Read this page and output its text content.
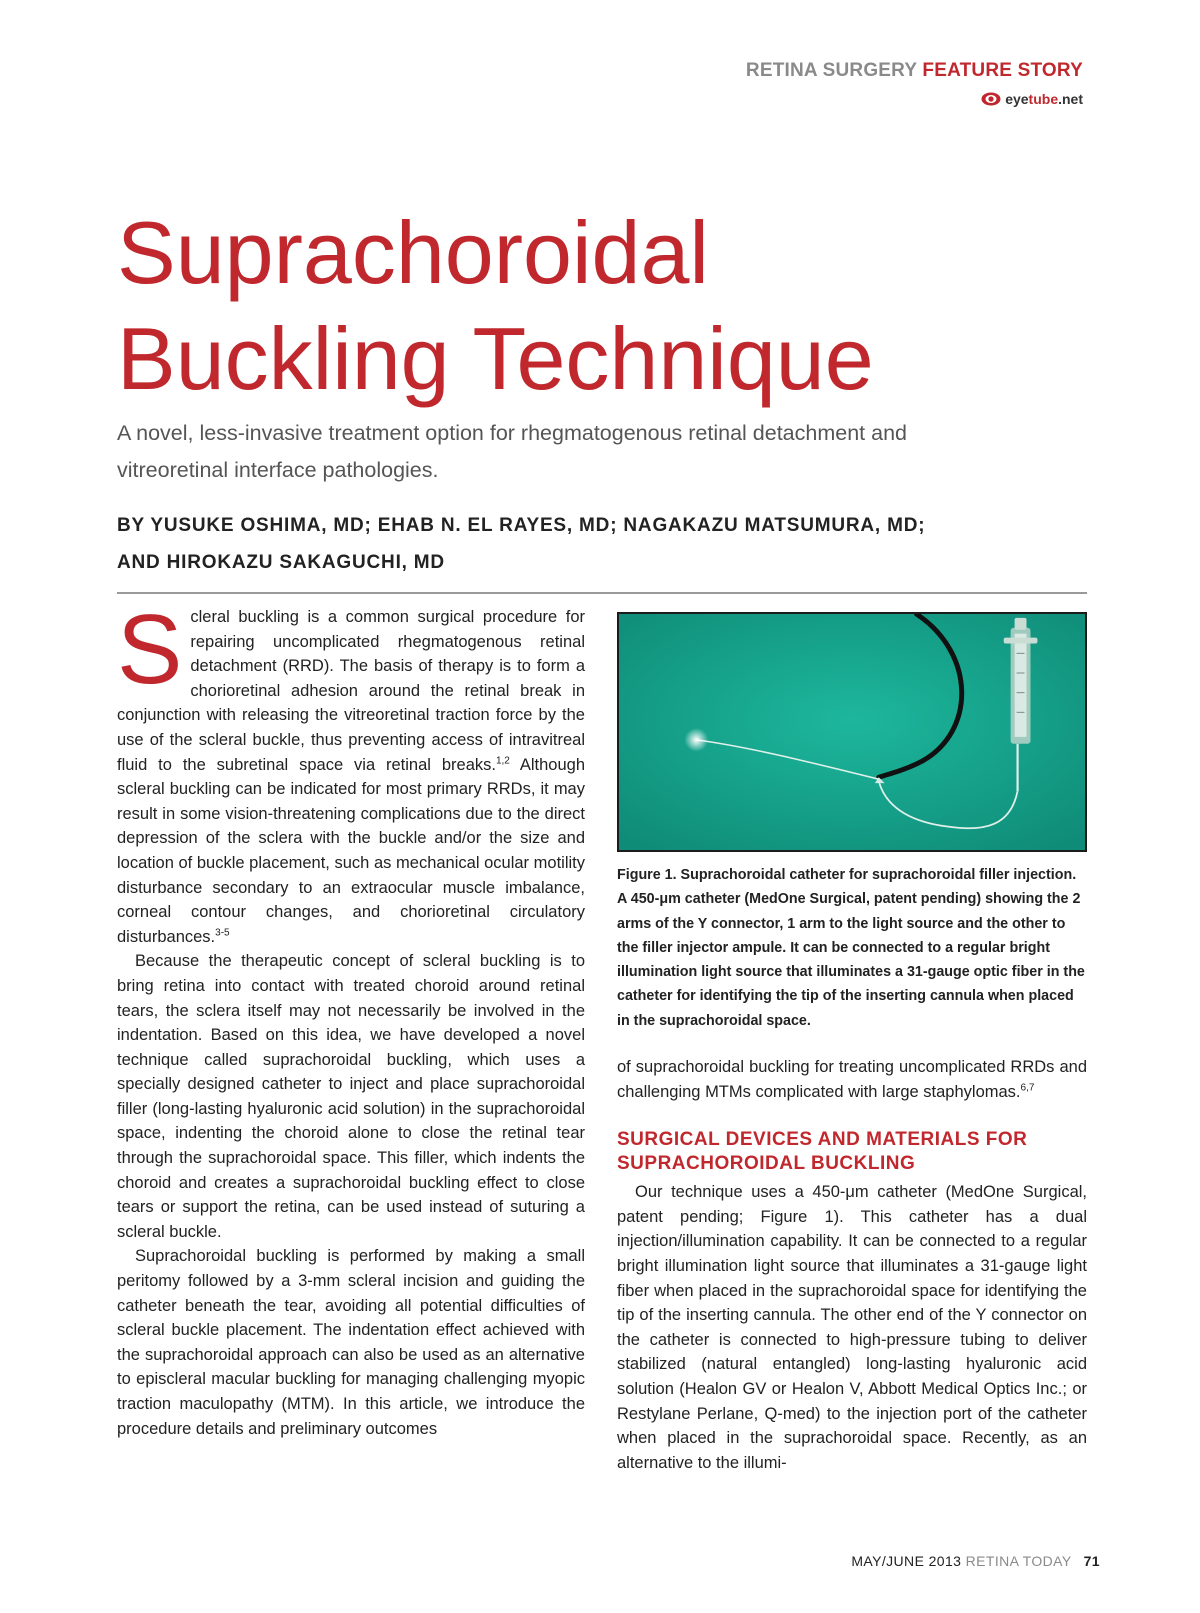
RETINA SURGERY FEATURE STORY
eyetube.net
Suprachoroidal
Buckling Technique
A novel, less-invasive treatment option for rhegmatogenous retinal detachment and vitreoretinal interface pathologies.
BY YUSUKE OSHIMA, MD; EHAB N. EL RAYES, MD; NAGAKAZU MATSUMURA, MD;
AND HIROKAZU SAKAGUCHI, MD

Scleral buckling is a common surgical procedure for repairing uncomplicated rhegmatogenous retinal detachment (RRD). The basis of therapy is to form a chorioretinal adhesion around the retinal break in conjunction with releasing the vitreoretinal traction force by the use of the scleral buckle, thus preventing access of intravitreal fluid to the subretinal space via retinal breaks.$^{1,2}$ Although scleral buckling can be indicated for most primary RRDs, it may result in some vision-threatening complications due to the direct depression of the sclera with the buckle and/or the size and location of buckle placement, such as mechanical ocular motility disturbance secondary to an extraocular muscle imbalance, corneal contour changes, and chorioretinal circulatory disturbances.$^{3-5}$

Because the therapeutic concept of scleral buckling is to bring retina into contact with treated choroid around retinal tears, the sclera itself may not necessarily be involved in the indentation. Based on this idea, we have developed a novel technique called suprachoroidal buckling, which uses a specially designed catheter to inject and place suprachoroidal filler (long-lasting hyaluronic acid solution) in the suprachoroidal space, indenting the choroid alone to close the retinal tear through the suprachoroidal space. This filler, which indents the choroid and creates a suprachoroidal buckling effect to close tears or support the retina, can be used instead of suturing a scleral buckle.

Suprachoroidal buckling is performed by making a small peritomy followed by a 3-mm scleral incision and guiding the catheter beneath the tear, avoiding all potential difficulties of scleral buckle placement. The indentation effect achieved with the suprachoroidal approach can also be used as an alternative to episcleral macular buckling for managing challenging myopic traction maculopathy (MTM). In this article, we introduce the procedure details and preliminary outcomes

Figure 1. Suprachoroidal catheter for suprachoroidal filler injection. A 450-μm catheter (MedOne Surgical, patent pending) showing the 2 arms of the Y connector, 1 arm to the light source and the other to the filler injector ampule. It can be connected to a regular bright illumination light source that illuminates a 31-gauge optic fiber in the catheter for identifying the tip of the inserting cannula when placed in the suprachoroidal space.

of suprachoroidal buckling for treating uncomplicated RRDs and challenging MTMs complicated with large staphylomas.$^{6,7}$

SURGICAL DEVICES AND MATERIALS FOR SUPRACHOROIDAL BUCKLING

Our technique uses a 450-μm catheter (MedOne Surgical, patent pending; Figure 1). This catheter has a dual injection/illumination capability. It can be connected to a regular bright illumination light source that illuminates a 31-gauge light fiber when placed in the suprachoroidal space for identifying the tip of the inserting cannula. The other end of the Y connector on the catheter is connected to high-pressure tubing to deliver stabilized (natural entangled) long-lasting hyaluronic acid solution (Healon GV or Healon V, Abbott Medical Optics Inc.; or Restylane Perlane, Q-med) to the injection port of the catheter when placed in the suprachoroidal space. Recently, as an alternative to the illumi-

MAY/JUNE 2013 RETINA TODAY 71
